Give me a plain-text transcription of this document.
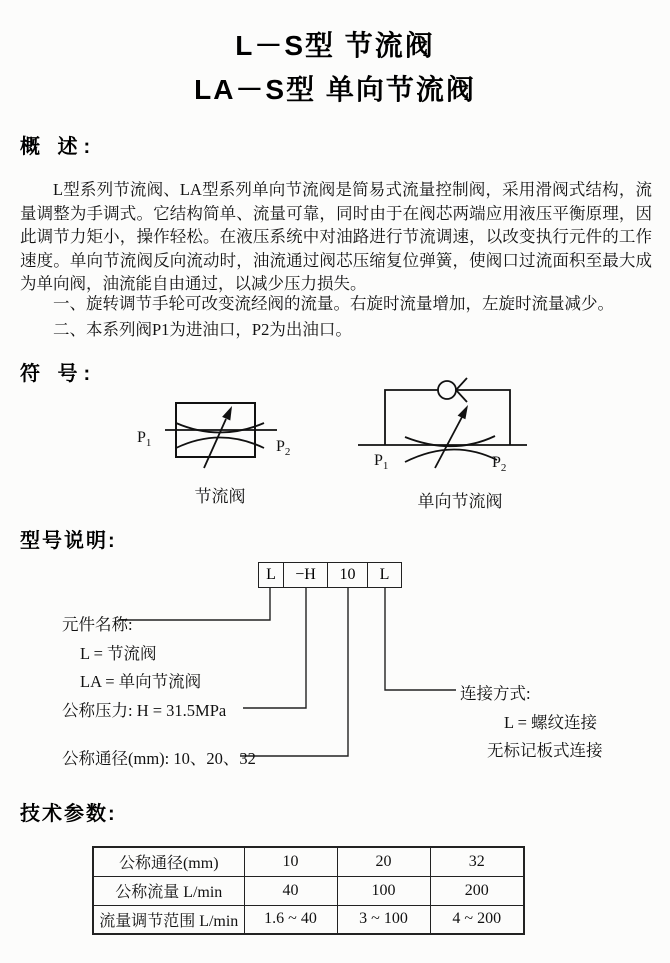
L－S型 节流阀
LA－S型 单向节流阀
概 述:
L型系列节流阀、LA型系列单向节流阀是简易式流量控制阀，采用滑阀式结构，流量调整为手调式。它结构简单、流量可靠，同时由于在阀芯两端应用液压平衡原理，因此调节力矩小，操作轻松。在液压系统中对油路进行节流调速，以改变执行元件的工作速度。单向节流阀反向流动时，油流通过阀芯压缩复位弹簧，使阀口过流面积至最大成为单向阀，油流能自由通过，以减少压力损失。
一、旋转调节手轮可改变流经阀的流量。右旋时流量增加，左旋时流量减少。
二、本系列阀P1为进油口，P2为出油口。
符 号:
$P_1$	$P_2$
节流阀
$P_1$	$P_2$
单向节流阀
型号说明:
L	−H	10	L
元件名称:
L = 节流阀
LA = 单向节流阀
公称压力: H = 31.5MPa
公称通径(mm): 10、20、32
连接方式:
L = 螺纹连接
无标记板式连接
技术参数:
公称通径(mm)	10	20	32
公称流量 L/min	40	100	200
流量调节范围 L/min	1.6 ~ 40	3 ~ 100	4 ~ 200
